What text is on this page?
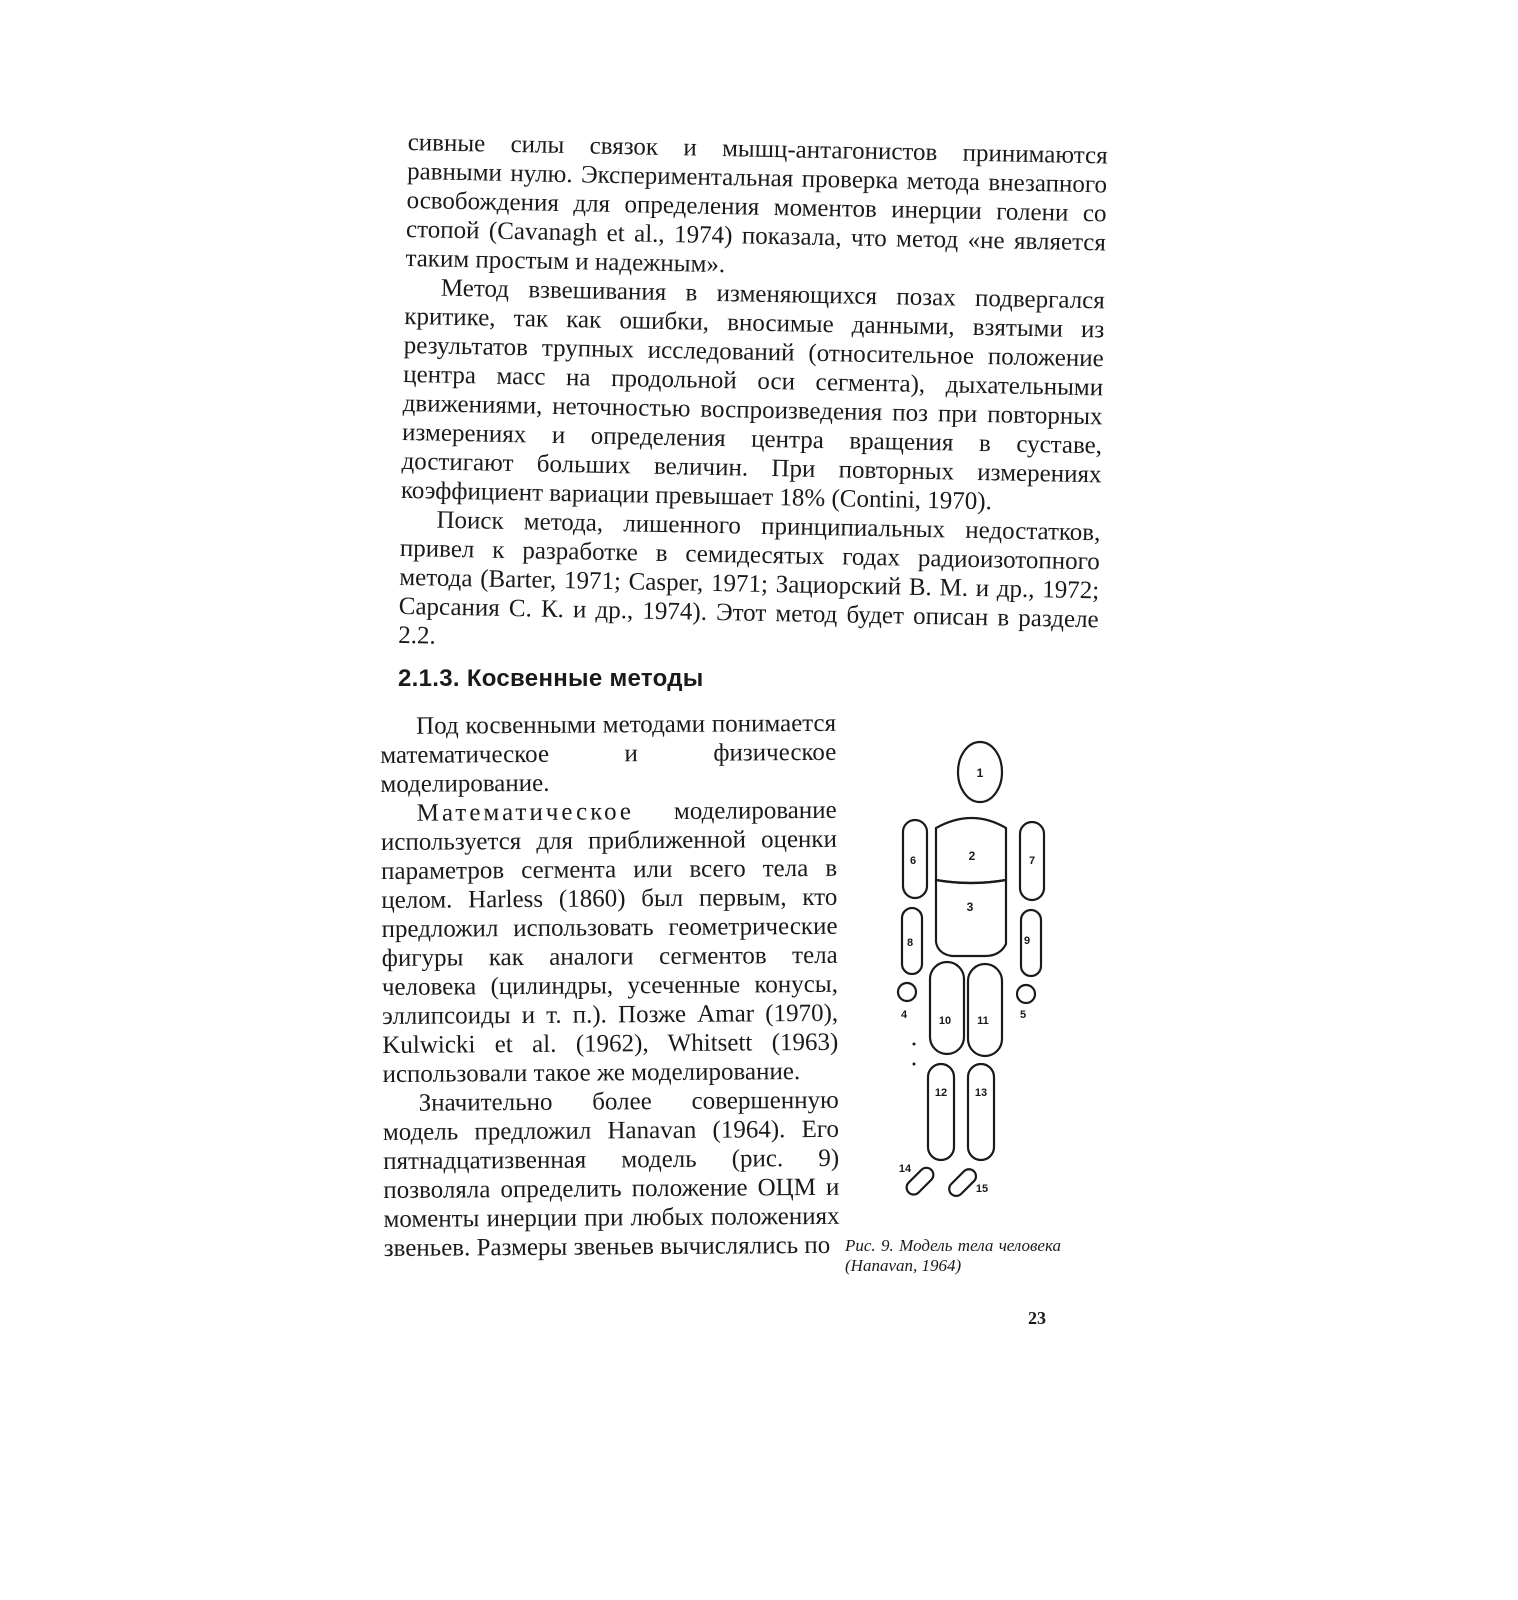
сивные силы связок и мышц-антагонистов принимаются равными нулю. Экспериментальная проверка метода внезапного освобождения для определения моментов инерции голени со стопой (Cavanagh et al., 1974) показала, что метод «не является таким простым и надежным».

Метод взвешивания в изменяющихся позах подвергался критике, так как ошибки, вносимые данными, взятыми из результатов трупных исследований (относительное положение центра масс на продольной оси сегмента), дыхательными движениями, неточностью воспроизведения поз при повторных измерениях и определения центра вращения в суставе, достигают больших величин. При повторных измерениях коэффициент вариации превышает 18% (Contini, 1970).

Поиск метода, лишенного принципиальных недостатков, привел к разработке в семидесятых годах радиоизотопного метода (Barter, 1971; Casper, 1971; Зациорский В. М. и др., 1972; Сарсания С. К. и др., 1974). Этот метод будет описан в разделе 2.2.

2.1.3. Косвенные методы

Под косвенными методами понимается математическое и физическое моделирование.

Математическое моделирование используется для приближенной оценки параметров сегмента или всего тела в целом. Harless (1860) был первым, кто предложил использовать геометрические фигуры как аналоги сегментов тела человека (цилиндры, усеченные конусы, эллипсоиды и т. п.). Позже Amar (1970), Kulwicki et al. (1962), Whitsett (1963) использовали такое же моделирование.

Значительно более совершенную модель предложил Hanavan (1964). Его пятнадцатизвенная модель (рис. 9) позволяла определить положение ОЦМ и моменты инерции при любых положениях звеньев. Размеры звеньев вычислялись по

1
2
3
6	7
8	9
4	5
10 11
12	13
14
15
Рис. 9. Модель тела человека (Hanavan, 1964)
23
